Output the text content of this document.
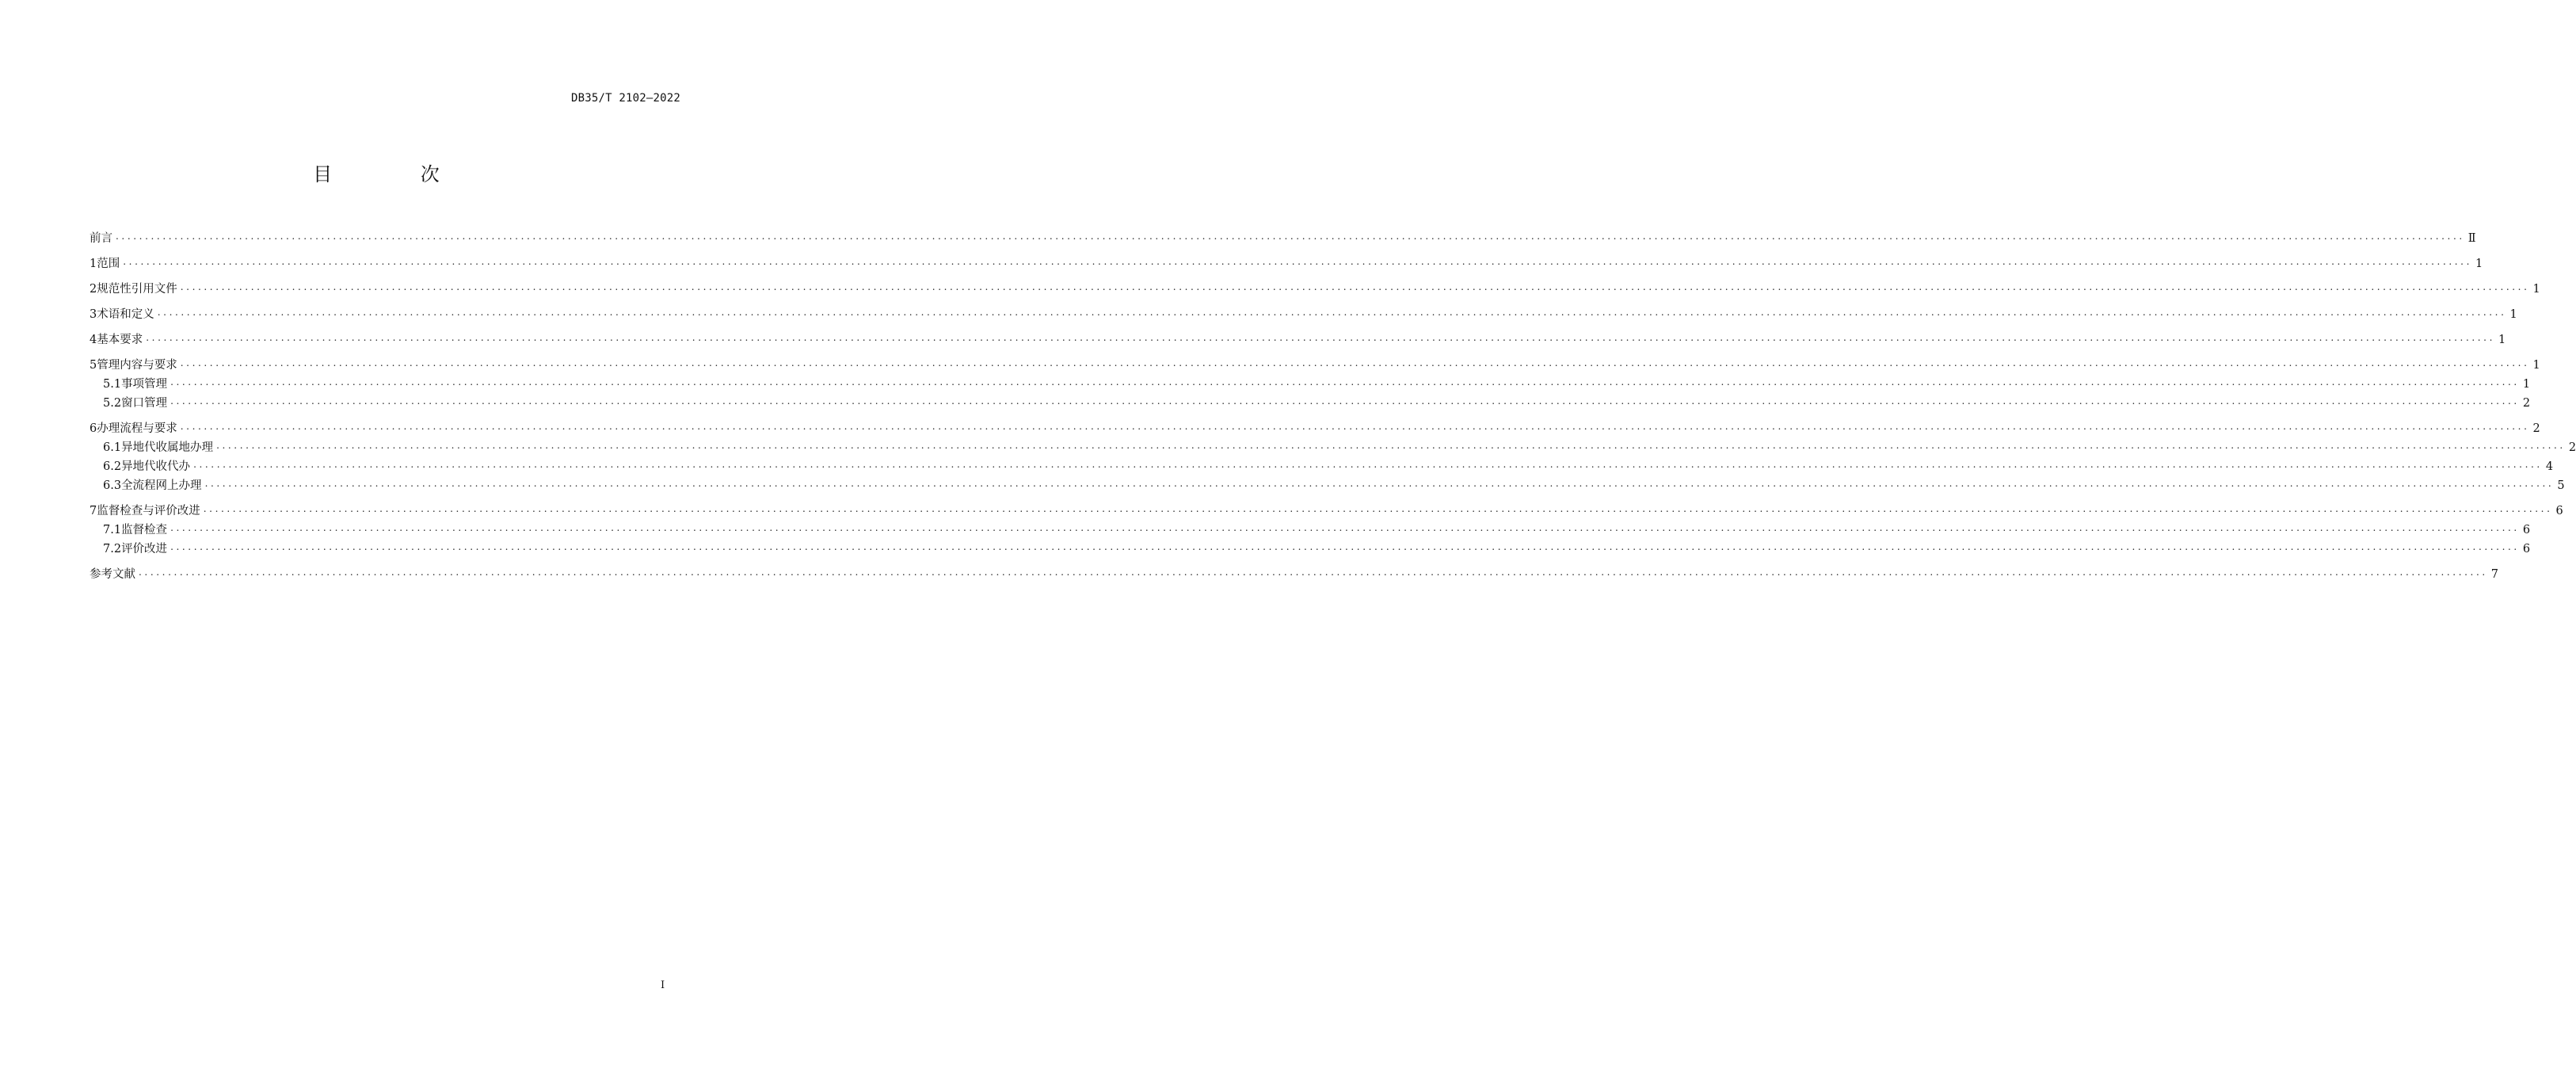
DB35/T 2102—2022
目 次
前言 ................................................................................................................................................................................................................................................................................................................................................................................................................ Ⅱ
1 范围 ................................................................................................................................................................................................................................................................................................................................................................................................................ 1
2 规范性引用文件 ................................................................................................................................................................................................................................................................................................................................................................................................................ 1
3 术语和定义 ................................................................................................................................................................................................................................................................................................................................................................................................................ 1
4 基本要求 ................................................................................................................................................................................................................................................................................................................................................................................................................ 1
5 管理内容与要求 ................................................................................................................................................................................................................................................................................................................................................................................................................ 1
5.1 事项管理 ................................................................................................................................................................................................................................................................................................................................................................................................................ 1
5.2 窗口管理 ................................................................................................................................................................................................................................................................................................................................................................................................................ 2
6 办理流程与要求 ................................................................................................................................................................................................................................................................................................................................................................................................................ 2
6.1 异地代收属地办理 ................................................................................................................................................................................................................................................................................................................................................................................................................ 2
6.2 异地代收代办 ................................................................................................................................................................................................................................................................................................................................................................................................................ 4
6.3 全流程网上办理 ................................................................................................................................................................................................................................................................................................................................................................................................................ 5
7 监督检查与评价改进 ................................................................................................................................................................................................................................................................................................................................................................................................................ 6
7.1 监督检查 ................................................................................................................................................................................................................................................................................................................................................................................................................ 6
7.2 评价改进 ................................................................................................................................................................................................................................................................................................................................................................................................................ 6
参考文献 ................................................................................................................................................................................................................................................................................................................................................................................................................ 7
I
